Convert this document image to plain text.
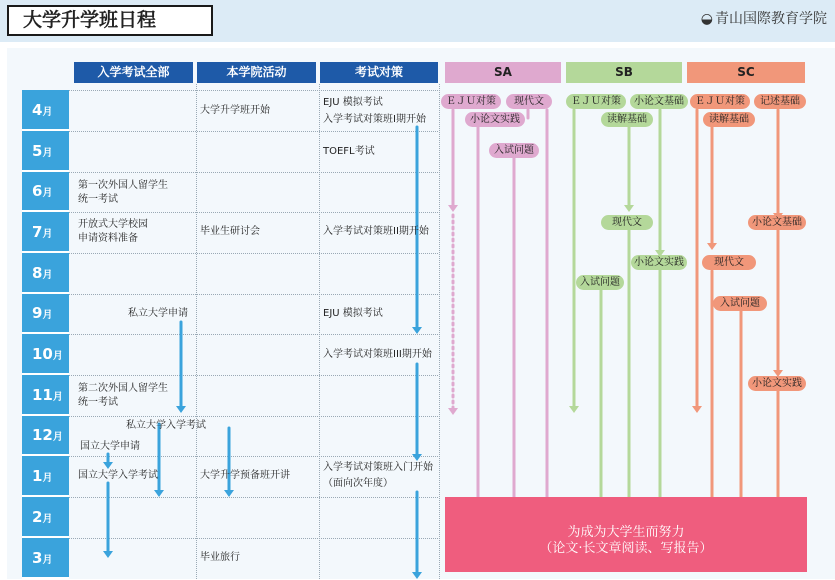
大学升学班日程
◒	青山国際教育学院
入学考试全部	本学院活动	考试对策	SA	SB	SC
4月
5月
6月
7月
8月
9月
10月
11月
12月
1月
2月
3月
第一次外国人留学生
统一考试
开放式大学校园
申请资料准备
私立大学申请
第二次外国人留学生
统一考试
私立大学入学考试
国立大学申请
国立大学入学考试
大学升学班开始
毕业生研讨会
大学升学预备班开讲
毕业旅行
EJU 模拟考试
入学考试对策班I期开始
TOEFL考试
入学考试对策班II期开始
EJU 模拟考试
入学考试对策班III期开始
入学考试对策班入门开始
（面向次年度）
ＥＪＵ对策	现代文
小论文实践
入试问题
ＥＪＵ对策	小论文基础
读解基础
现代文
小论文实践
入试问题
ＥＪＵ对策	记述基础
读解基础
小论文基础
现代文
入试问题
小论文实践
为成为大学生而努力
（论文·长文章阅读、写报告）
